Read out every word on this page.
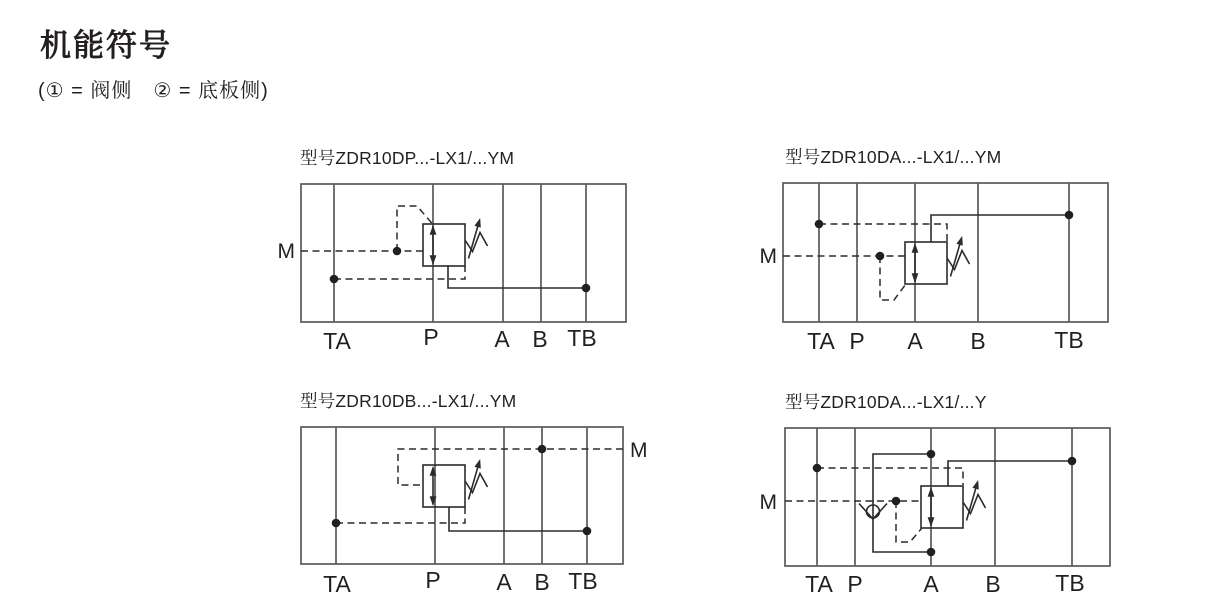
机能符号
(① = 阀侧　② = 底板侧)
型号ZDR10DP...-LX1/...YM
M
TA	P A B TB
型号ZDR10DA...-LX1/...YM
M
TA P A B	TB
型号ZDR10DB...-LX1/...YM
M
TA	P A B TB
型号ZDR10DA...-LX1/...Y
M
TA P	A B TB
